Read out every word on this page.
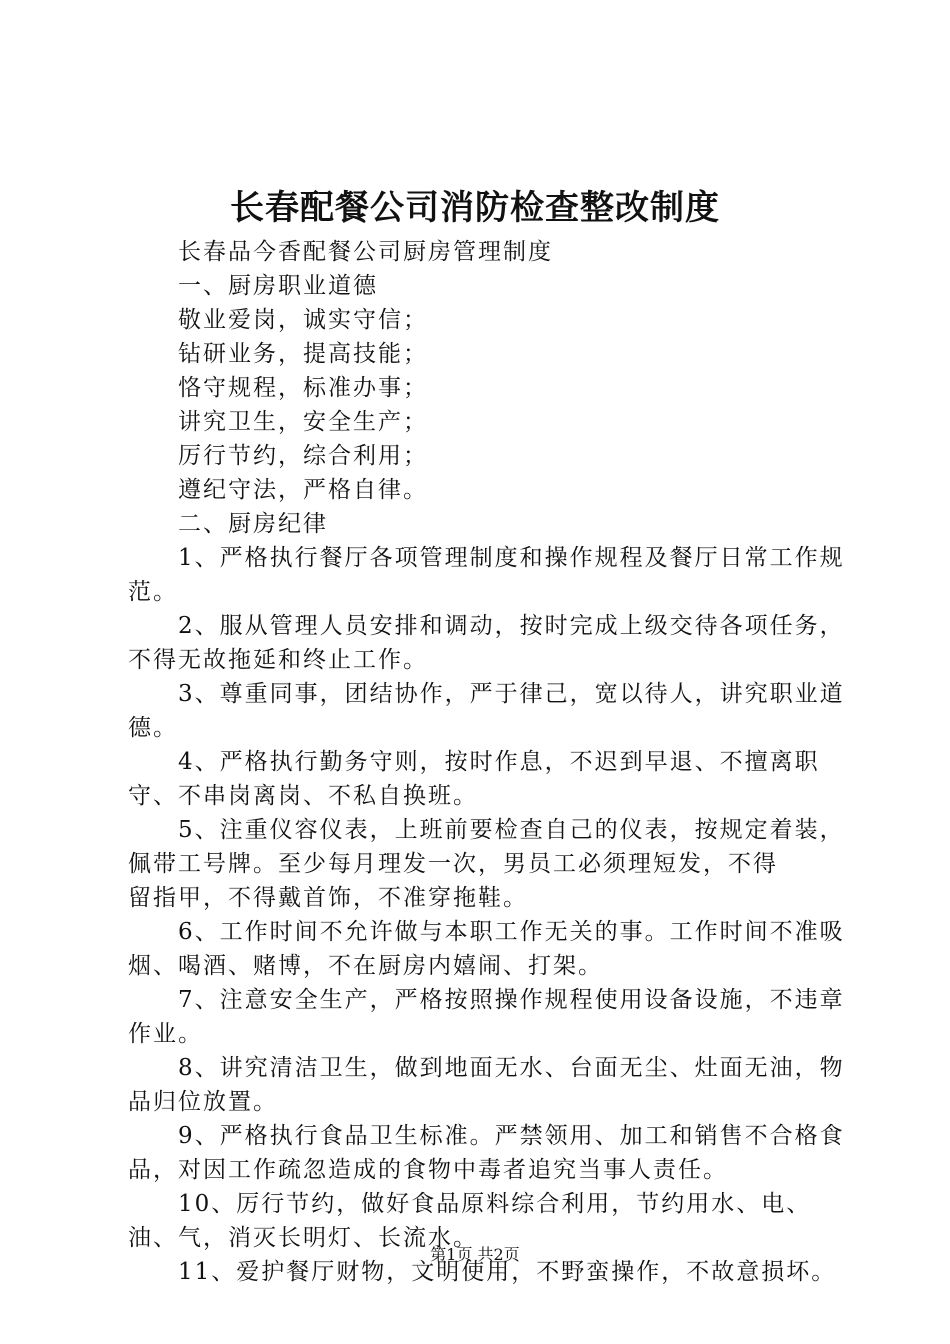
长春配餐公司消防检查整改制度

长春品今香配餐公司厨房管理制度

一、厨房职业道德

敬业爱岗，诚实守信；

钻研业务，提高技能；

恪守规程，标准办事；

讲究卫生，安全生产；

厉行节约，综合利用；

遵纪守法，严格自律。

二、厨房纪律

1、严格执行餐厅各项管理制度和操作规程及餐厅日常工作规范。

2、服从管理人员安排和调动，按时完成上级交待各项任务，不得无故拖延和终止工作。

3、尊重同事，团结协作，严于律己，宽以待人，讲究职业道德。

4、严格执行勤务守则，按时作息，不迟到早退、不擅离职守、不串岗离岗、不私自换班。

5、注重仪容仪表，上班前要检查自己的仪表，按规定着装，佩带工号牌。至少每月理发一次，男员工必须理短发，不得

留指甲，不得戴首饰，不准穿拖鞋。

6、工作时间不允许做与本职工作无关的事。工作时间不准吸烟、喝酒、赌博，不在厨房内嬉闹、打架。

7、注意安全生产，严格按照操作规程使用设备设施，不违章作业。

8、讲究清洁卫生，做到地面无水、台面无尘、灶面无油，物品归位放置。

9、严格执行食品卫生标准。严禁领用、加工和销售不合格食品，对因工作疏忽造成的食物中毒者追究当事人责任。

10、厉行节约，做好食品原料综合利用，节约用水、电、油、气，消灭长明灯、长流水。

11、爱护餐厅财物，文明使用，不野蛮操作，不故意损坏。

第1页 共2页
